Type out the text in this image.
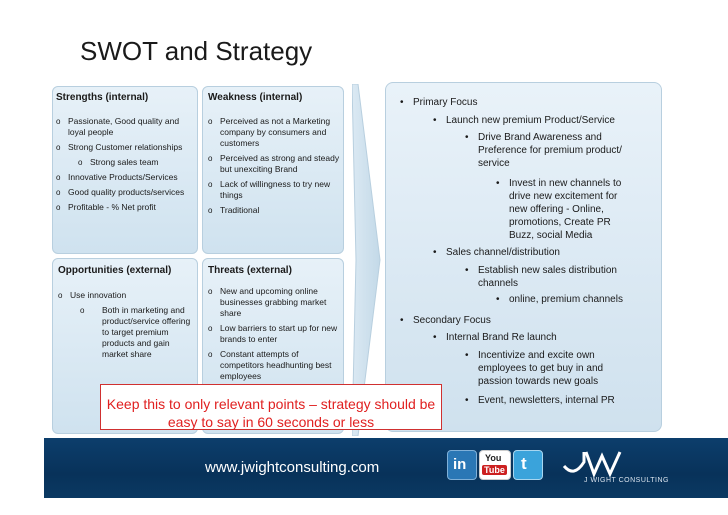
SWOT and Strategy
Strengths (internal)
o Passionate, Good quality and loyal people
o Strong Customer relationships
o Strong sales team
o Innovative Products/Services
o Good quality products/services
o Profitable - % Net profit
Weakness (internal)
o Perceived as not a Marketing company by consumers and customers
o Perceived as strong and steady but unexciting Brand
o Lack of willingness to try new things
o Traditional
Opportunities (external)
o Use innovation
o Both in marketing and product/service offering to target premium products and gain market share
Threats (external)
o New and upcoming online businesses grabbing market share
o Low barriers to start up for new brands to enter
o Constant attempts of competitors headhunting best employees
• Primary Focus
• Launch new premium Product/Service
• Drive Brand Awareness and Preference for premium product/ service
• Invest in new channels to drive new excitement for new offering - Online, promotions, Create PR Buzz, social Media
• Sales channel/distribution
• Establish new sales distribution channels
• online, premium channels
• Secondary Focus
• Internal Brand Re launch
• Incentivize and excite own employees to get buy in and passion towards new goals
• Event, newsletters, internal PR
Keep this to only relevant points – strategy should be easy to say in 60 seconds or less
www.jwightconsulting.com	in You
Tube t
J WIGHT CONSULTING
